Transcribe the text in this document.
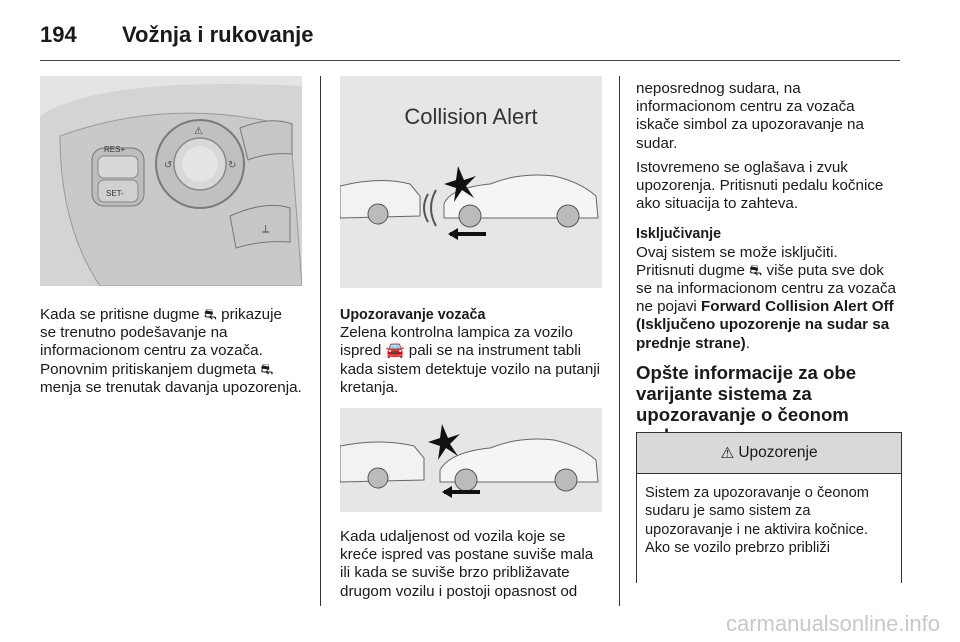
194 Vožnja i rukovanje
RES+
SET-
⚠
↺	↻
⟂
Collision Alert

Kada se pritisne dugme ⛐ prikazuje se trenutno podešavanje na informacionom centru za vozača. Ponovnim pritiskanjem dugmeta ⛐ menja se trenutak davanja upozorenja.

Upozoravanje vozača

Zelena kontrolna lampica za vozilo ispred 🚘 pali se na instrument tabli kada sistem detektuje vozilo na putanji kretanja.

Kada udaljenost od vozila koje se kreće ispred vas postane suviše mala ili kada se suviše brzo približavate drugom vozilu i postoji opasnost od

neposrednog sudara, na informacionom centru za vozača iskače simbol za upozoravanje na sudar.

Istovremeno se oglašava i zvuk upozorenja. Pritisnuti pedalu kočnice ako situacija to zahteva.

Isključivanje

Ovaj sistem se može isključiti. Pritisnuti dugme ⛐ više puta sve dok se na informacionom centru za vozača ne pojavi Forward Collision Alert Off (Isključeno upozorenje na sudar sa prednje strane).

Opšte informacije za obe varijante sistema za upozoravanje o čeonom
⚠ Upozorenje
Sistem za upozoravanje o čeonom sudaru je samo sistem za upozoravanje i ne aktivira kočnice. Ako se vozilo prebrzo približi
carmanualsonline.info
